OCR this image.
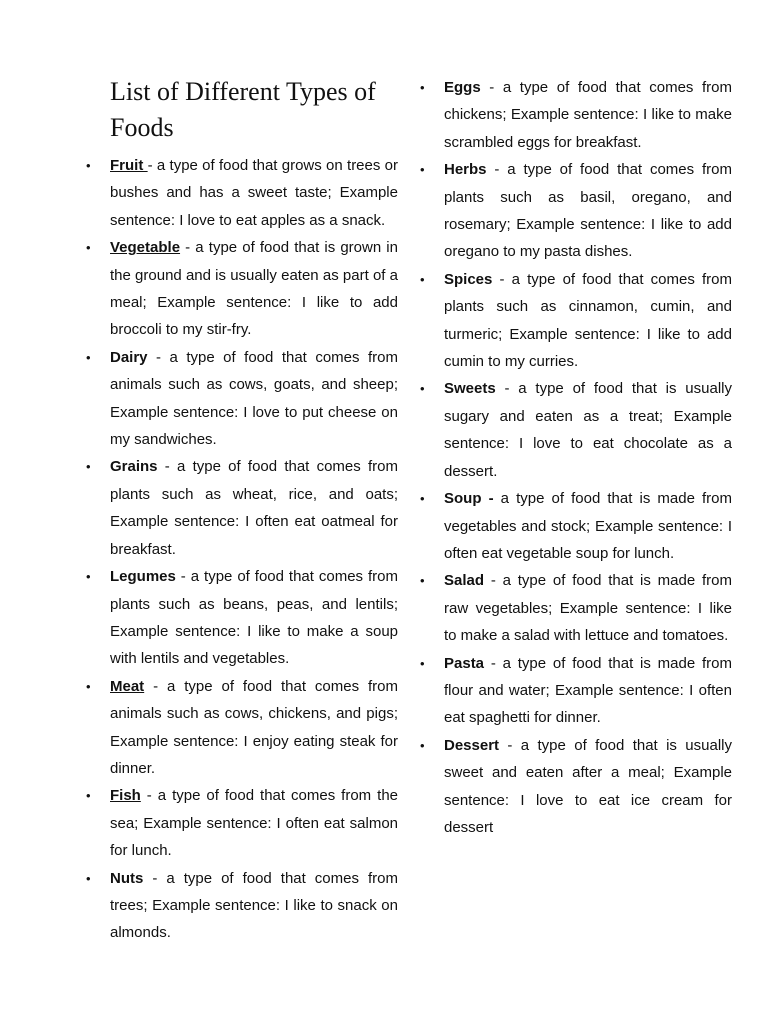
List of Different Types of Foods
• Fruit - a type of food that grows on trees or bushes and has a sweet taste; Example sentence: I love to eat apples as a snack.
• Vegetable - a type of food that is grown in the ground and is usually eaten as part of a meal; Example sentence: I like to add broccoli to my stir-fry.
• Dairy - a type of food that comes from animals such as cows, goats, and sheep; Example sentence: I love to put cheese on my sandwiches.
• Grains - a type of food that comes from plants such as wheat, rice, and oats; Example sentence: I often eat oatmeal for breakfast.
• Legumes - a type of food that comes from plants such as beans, peas, and lentils; Example sentence: I like to make a soup with lentils and vegetables.
• Meat - a type of food that comes from animals such as cows, chickens, and pigs; Example sentence: I enjoy eating steak for dinner.
• Fish - a type of food that comes from the sea; Example sentence: I often eat salmon for lunch.
• Nuts - a type of food that comes from trees; Example sentence: I like to snack on almonds.
• Eggs - a type of food that comes from chickens; Example sentence: I like to make scrambled eggs for breakfast.
• Herbs - a type of food that comes from plants such as basil, oregano, and rosemary; Example sentence: I like to add oregano to my pasta dishes.
• Spices - a type of food that comes from plants such as cinnamon, cumin, and turmeric; Example sentence: I like to add cumin to my curries.
• Sweets - a type of food that is usually sugary and eaten as a treat; Example sentence: I love to eat chocolate as a dessert.
• Soup - a type of food that is made from vegetables and stock; Example sentence: I often eat vegetable soup for lunch.
• Salad - a type of food that is made from raw vegetables; Example sentence: I like to make a salad with lettuce and tomatoes.
• Pasta - a type of food that is made from flour and water; Example sentence: I often eat spaghetti for dinner.
• Dessert - a type of food that is usually sweet and eaten after a meal; Example sentence: I love to eat ice cream for dessert
